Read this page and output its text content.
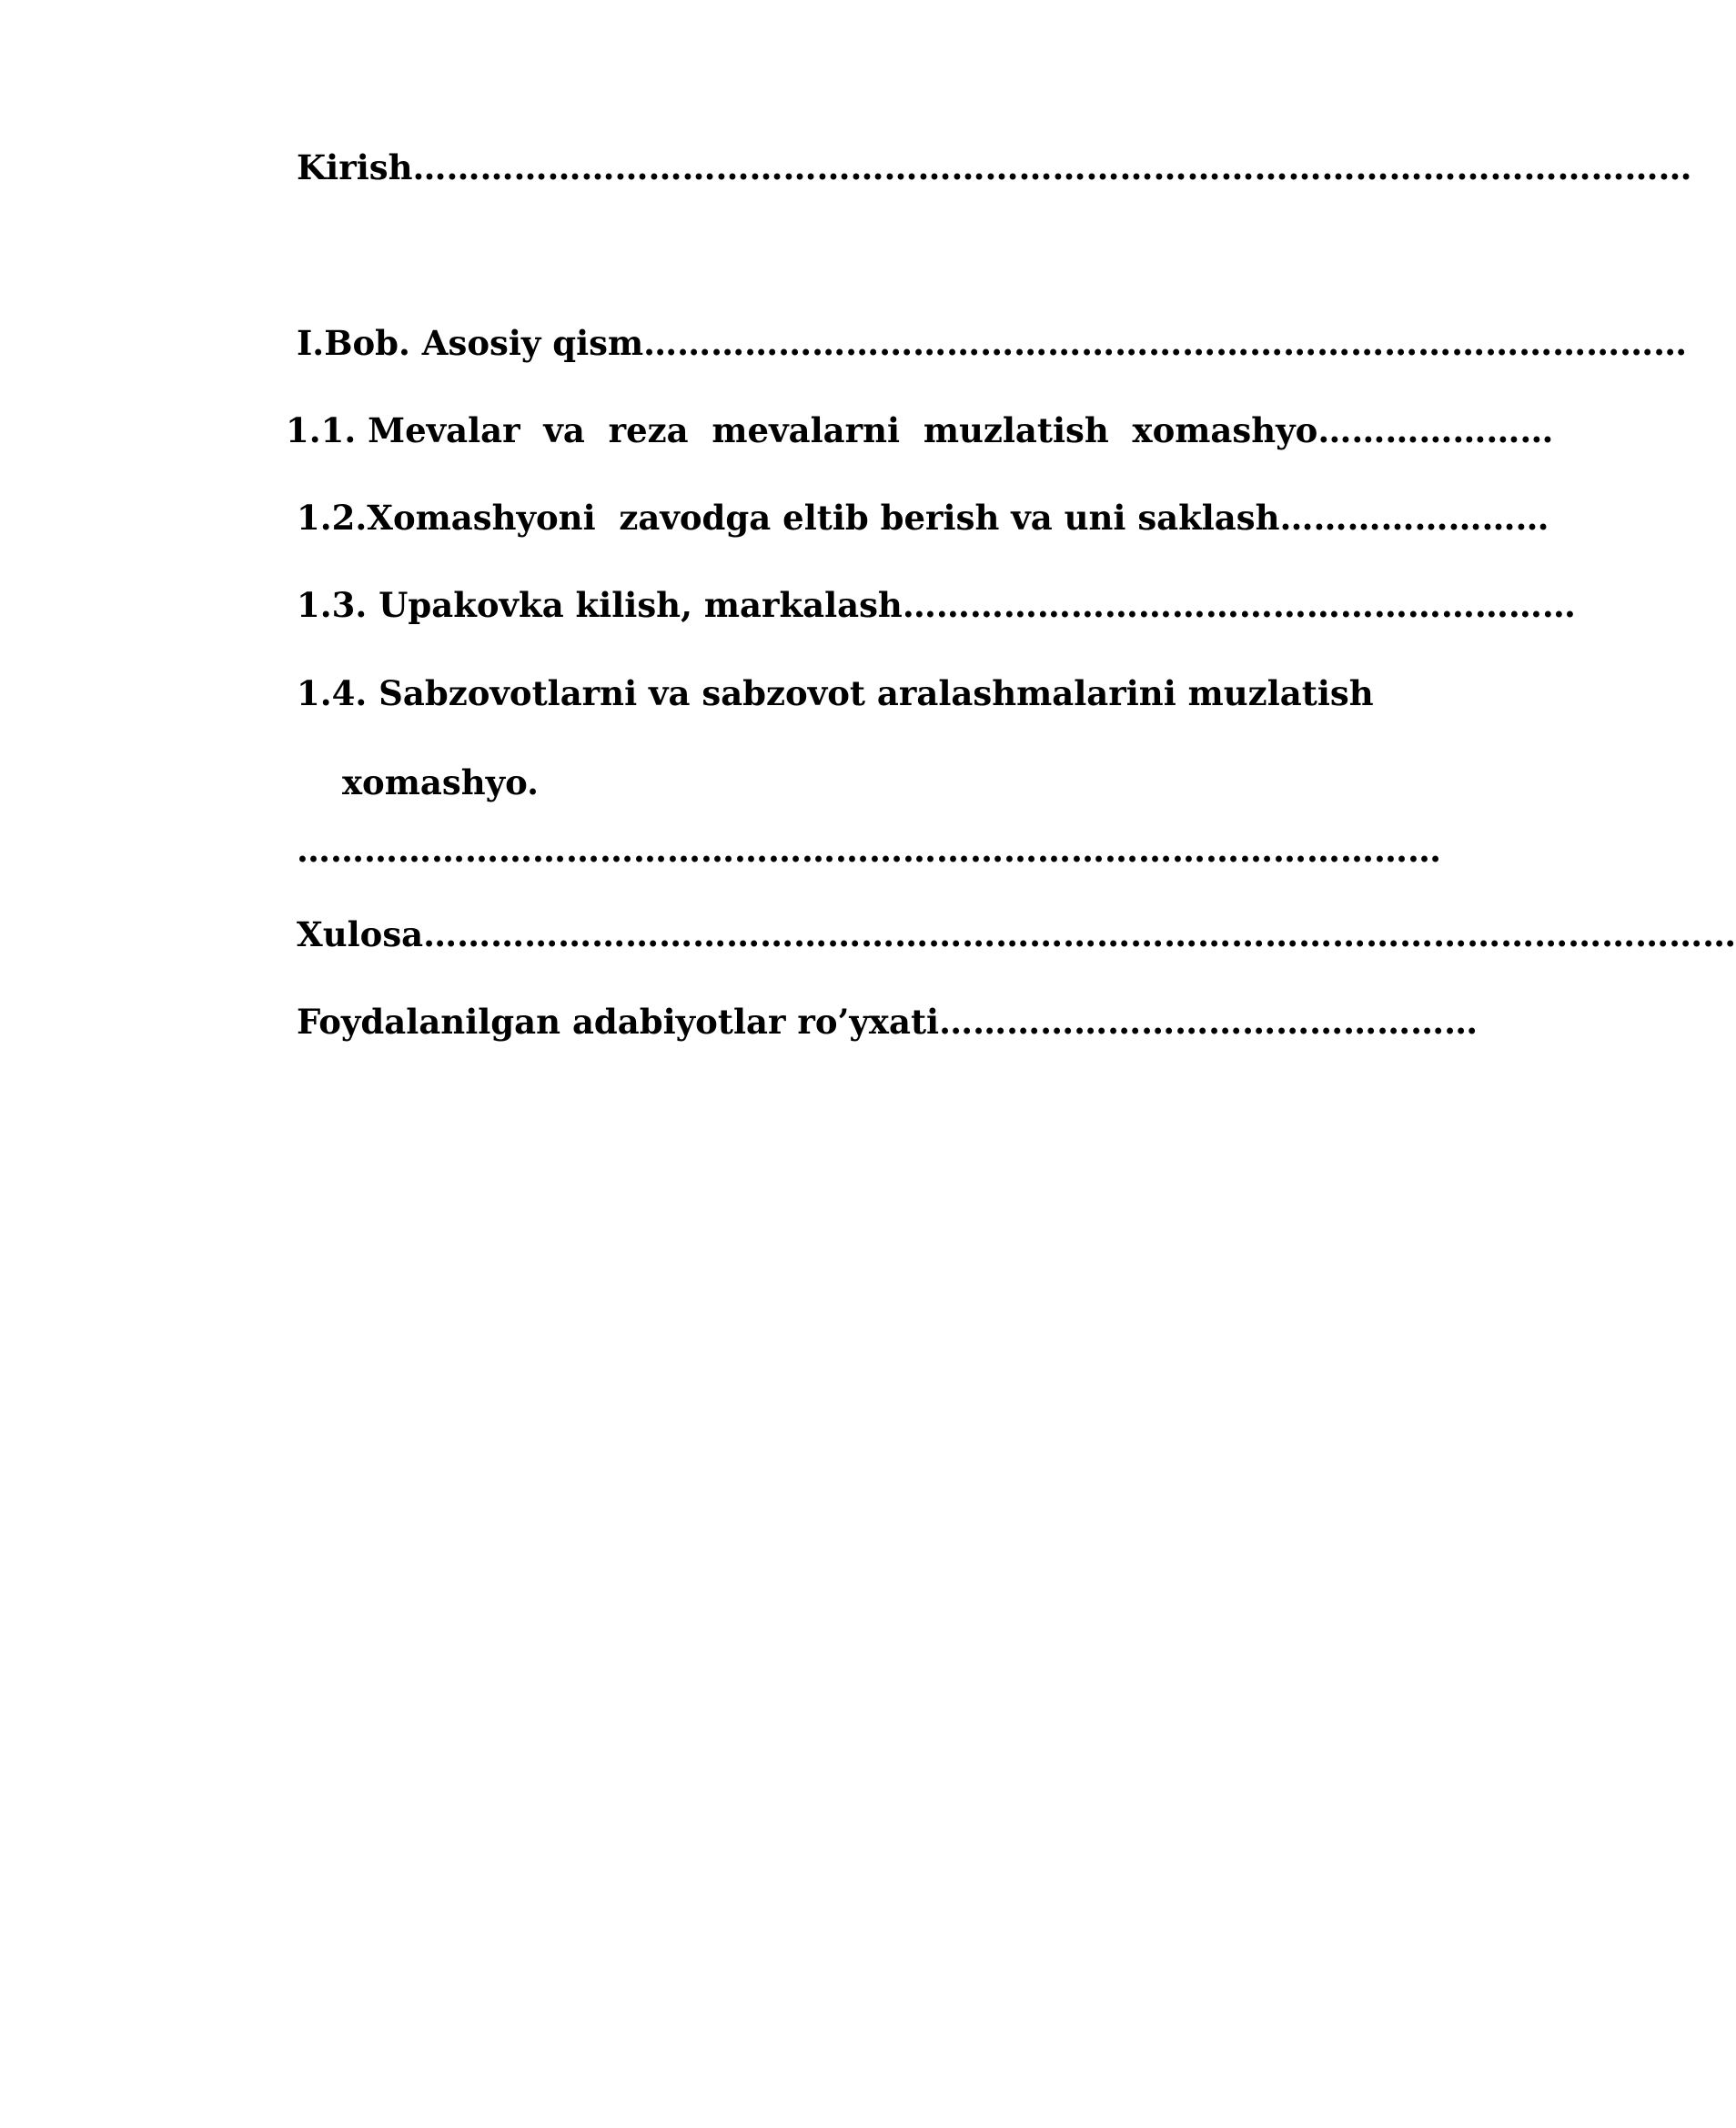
Kirish……………………………………………………………………………………………………
I.Bob. Asosiy qism…………………………………………………………………………………
1.1. Mevalar  va  reza  mevalarni  muzlatish  xomashyo…………………
1.2.Xomashyoni  zavodga eltib berish va uni saklash……………………
1.3. Upakovka kilish, markalash……………………………………………………
1.4. Sabzovotlarni va sabzovot aralashmalarini muzlatish
xomashyo.
…………………………………………………………………………………………
Xulosa………………………………………………………………………………………………………
Foydalanilgan adabiyotlar ro’yxati…………………………………………
